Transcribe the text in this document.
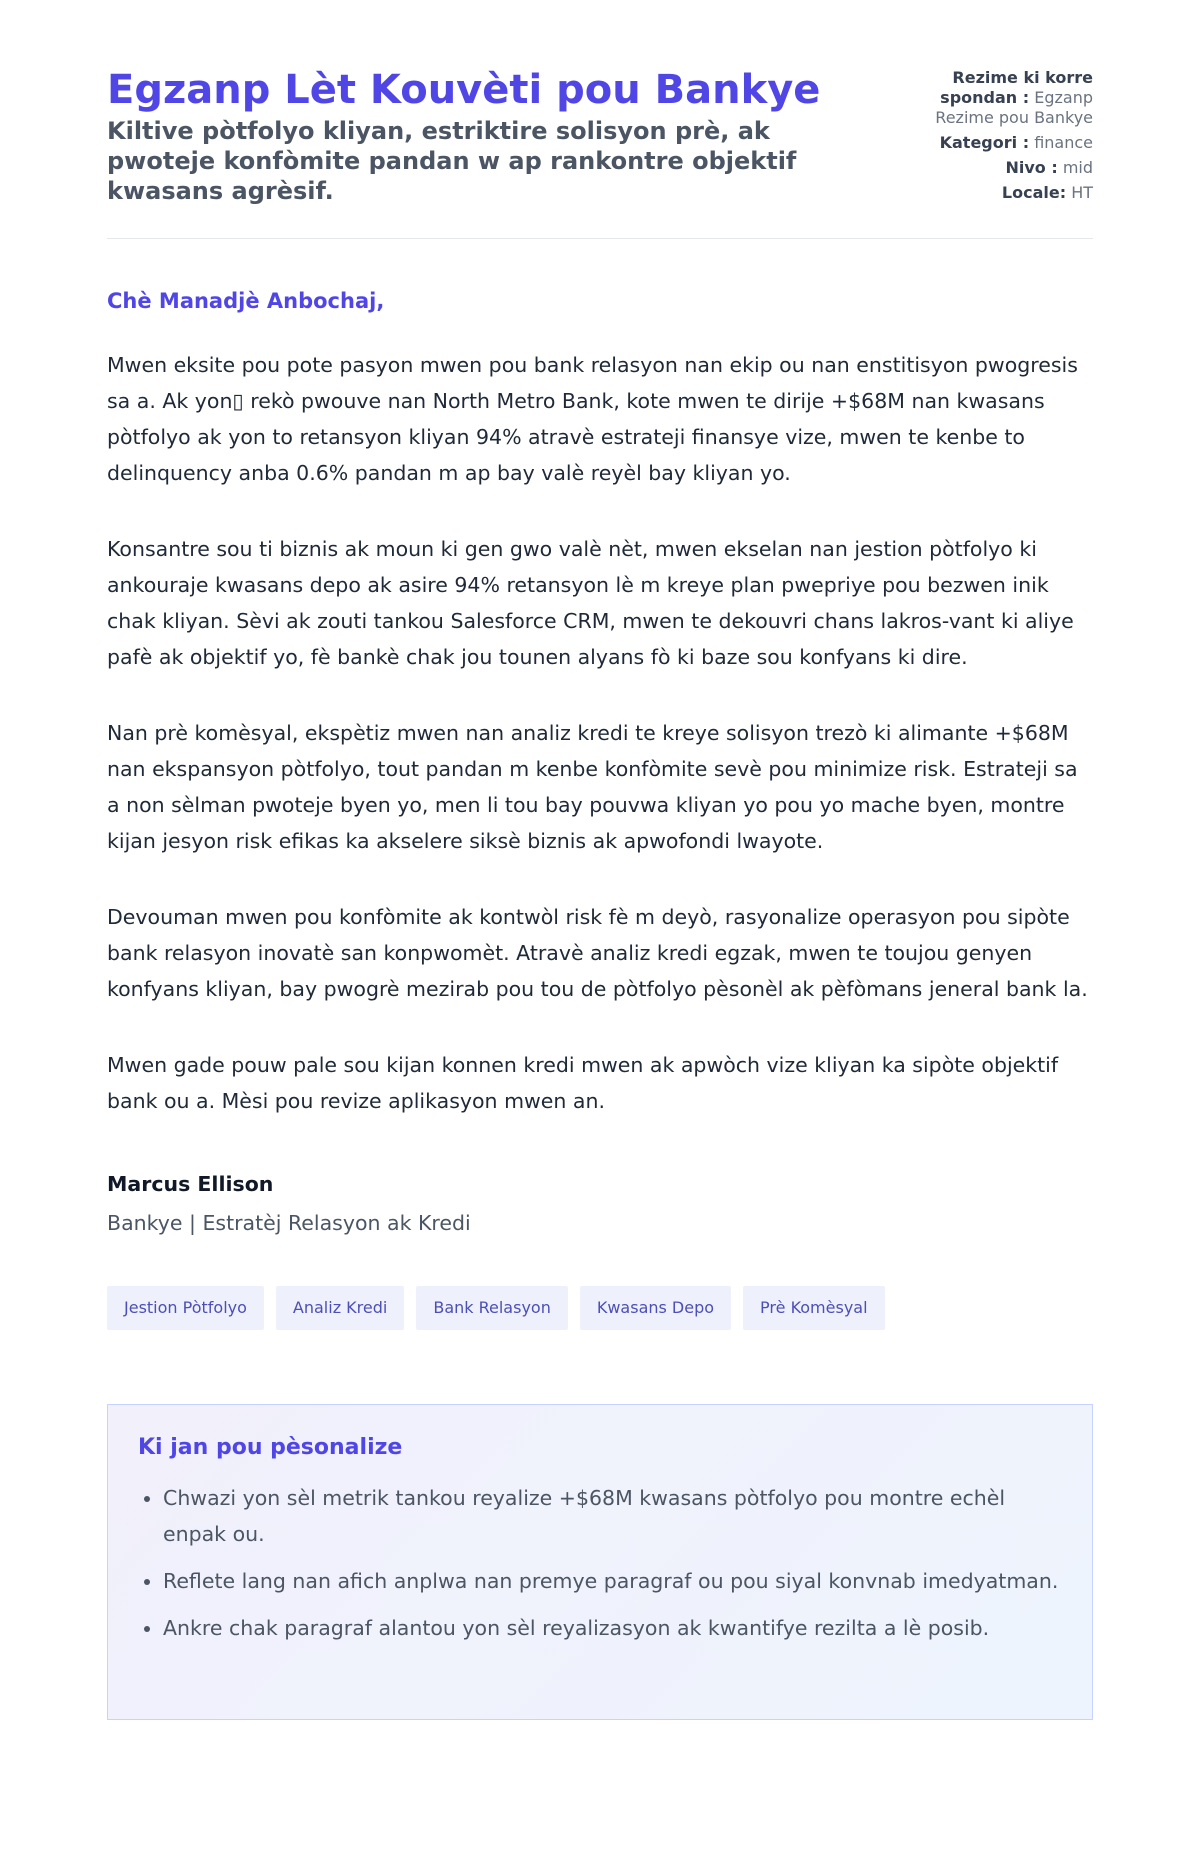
Egzanp Lèt Kouvèti pou Bankye
Kiltive pòtfolyo kliyan, estriktire solisyon prè, ak pwoteje konfòmite pandan w ap rankontre objektif kwasans agrèsif.
Rezime ki korre spondan : Egzanp Rezime pou Bankye
Kategori : finance
Nivo : mid
Locale: HT
Chè Manadjè Anbochaj,

Mwen eksite pou pote pasyon mwen pou bank relasyon nan ekip ou nan enstitisyon pwogresis sa a. Ak yon▯ rekò pwouve nan North Metro Bank, kote mwen te dirije +$68M nan kwasans pòtfolyo ak yon to retansyon kliyan 94% atravè estrateji finansye vize, mwen te kenbe to delinquency anba 0.6% pandan m ap bay valè reyèl bay kliyan yo.

Konsantre sou ti biznis ak moun ki gen gwo valè nèt, mwen ekselan nan jestion pòtfolyo ki ankouraje kwasans depo ak asire 94% retansyon lè m kreye plan pwepriye pou bezwen inik chak kliyan. Sèvi ak zouti tankou Salesforce CRM, mwen te dekouvri chans lakros-vant ki aliye pafè ak objektif yo, fè bankè chak jou tounen alyans fò ki baze sou konfyans ki dire.

Nan prè komèsyal, ekspètiz mwen nan analiz kredi te kreye solisyon trezò ki alimante +$68M nan ekspansyon pòtfolyo, tout pandan m kenbe konfòmite sevè pou minimize risk. Estrateji sa a non sèlman pwoteje byen yo, men li tou bay pouvwa kliyan yo pou yo mache byen, montre kijan jesyon risk efikas ka akselere siksè biznis ak apwofondi lwayote.

Devouman mwen pou konfòmite ak kontwòl risk fè m deyò, rasyonalize operasyon pou sipòte bank relasyon inovatè san konpwomèt. Atravè analiz kredi egzak, mwen te toujou genyen konfyans kliyan, bay pwogrè mezirab pou tou de pòtfolyo pèsonèl ak pèfòmans jeneral bank la.

Mwen gade pouw pale sou kijan konnen kredi mwen ak apwòch vize kliyan ka sipòte objektif bank ou a. Mèsi pou revize aplikasyon mwen an.

Marcus Ellison
Bankye | Estratèj Relasyon ak Kredi
Jestion Pòtfolyo	Analiz Kredi	Bank Relasyon	Kwasans Depo	Prè Komèsyal
Ki jan pou pèsonalize
• Chwazi yon sèl metrik tankou reyalize +$68M kwasans pòtfolyo pou montre echèl enpak ou.
• Reflete lang nan afich anplwa nan premye paragraf ou pou siyal konvnab imedyatman.
• Ankre chak paragraf alantou yon sèl reyalizasyon ak kwantifye rezilta a lè posib.
